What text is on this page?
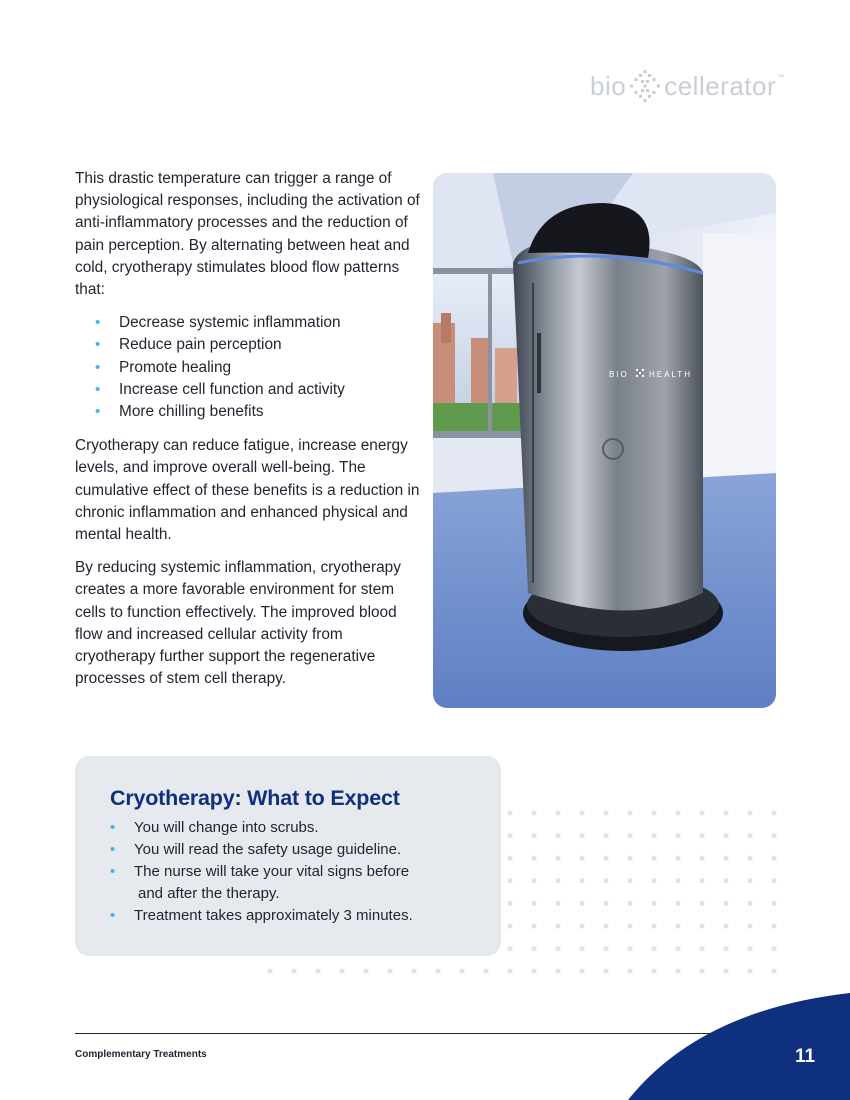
bio cellerator ™

This drastic temperature can trigger a range of physiological responses, including the activation of anti-inflammatory processes and the reduction of pain perception. By alternating between heat and cold, cryotherapy stimulates blood flow patterns that:

• Decrease systemic inflammation
• Reduce pain perception
• Promote healing
• Increase cell function and activity
• More chilling benefits

Cryotherapy can reduce fatigue, increase energy levels, and improve overall well-being. The cumulative effect of these benefits is a reduction in chronic inflammation and enhanced physical and mental health.

By reducing systemic inflammation, cryotherapy creates a more favorable environment for stem cells to function effectively. The improved blood flow and increased cellular activity from cryotherapy further support the regenerative processes of stem cell therapy.

BIO	HEALTH
Cryotherapy: What to Expect
• You will change into scrubs.
• You will read the safety usage guideline.
• The nurse will take your vital signs before
and after the therapy.
• Treatment takes approximately 3 minutes.
Complementary Treatments	11
